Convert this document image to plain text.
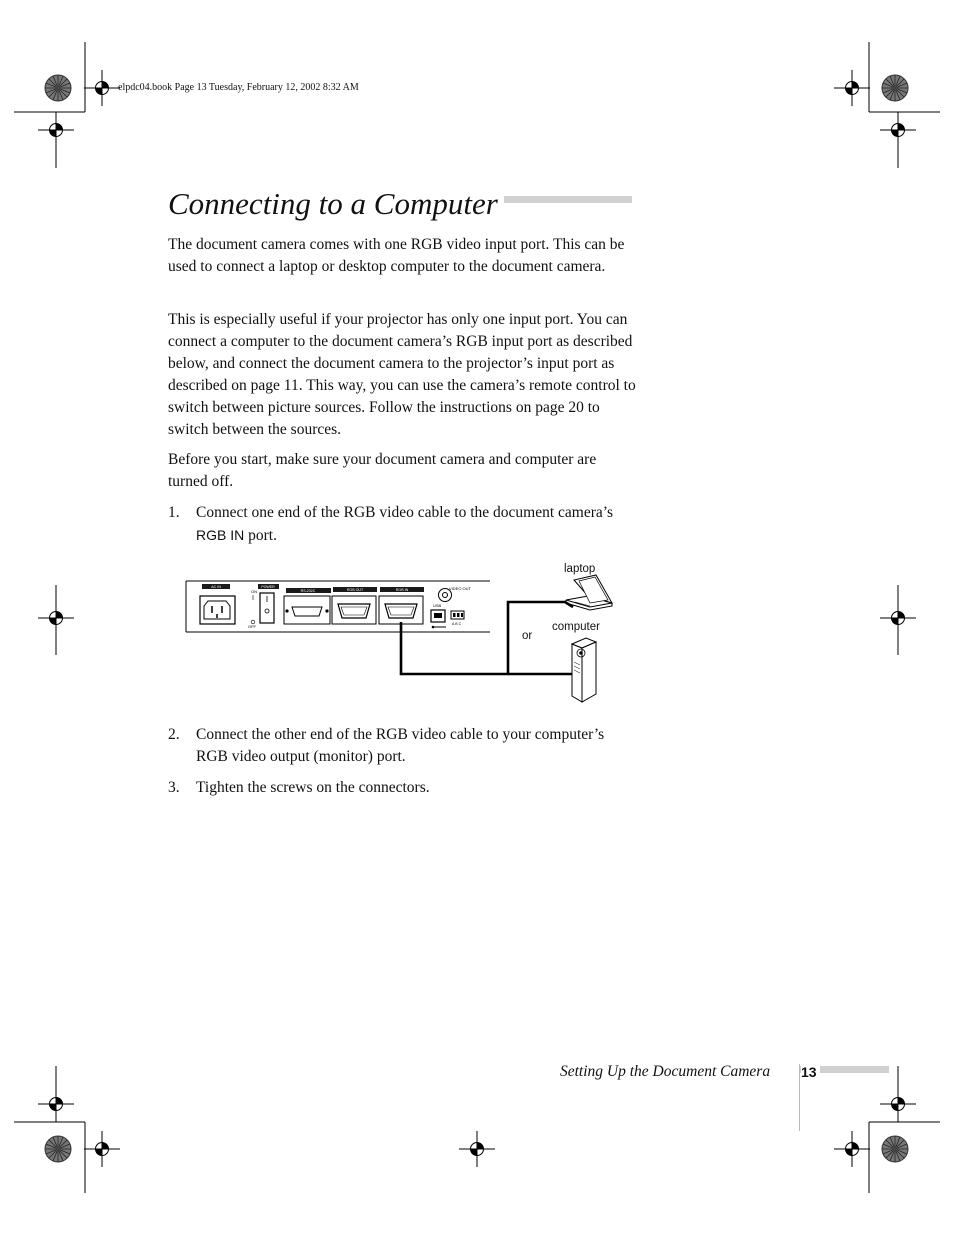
elpdc04.book Page 13 Tuesday, February 12, 2002 8:32 AM
Connecting to a Computer

The document camera comes with one RGB video input port. This can be used to connect a laptop or desktop computer to the document camera.

This is especially useful if your projector has only one input port. You can connect a computer to the document camera’s RGB input port as described below, and connect the document camera to the projector’s input port as described on page 11. This way, you can use the camera’s remote control to switch between picture sources. Follow the instructions on page 20 to switch between the sources.

Before you start, make sure your document camera and computer are turned off.

1. Connect one end of the RGB video cable to the document camera’s RGB IN port.
AC IN	POWER
RS-232C	RGB OUT	RGB IN	VIDEO OUT
USB
ON
OFF	A B C
laptop
computer
or
2. Connect the other end of the RGB video cable to your computer’s RGB video output (monitor) port.
3. Tighten the screws on the connectors.
Setting Up the Document Camera 13
